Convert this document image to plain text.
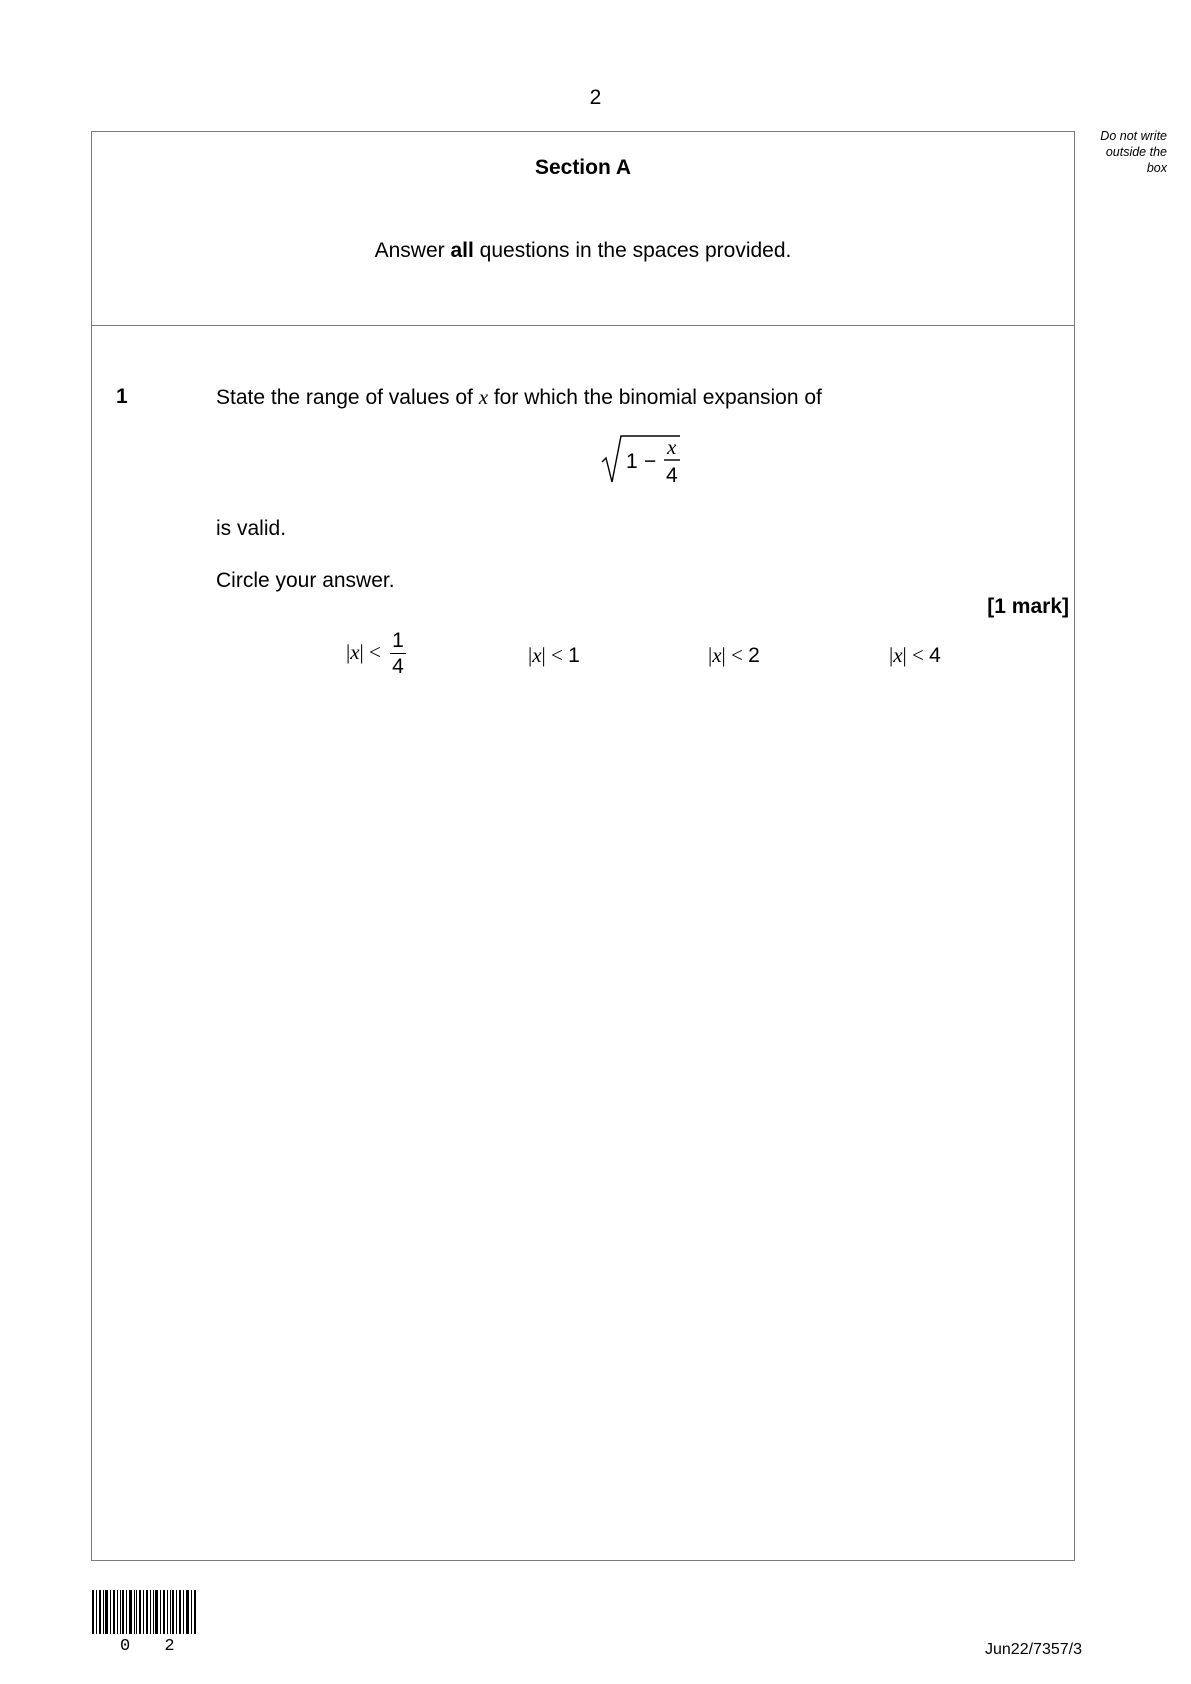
2
Do not write
outside the
box
Section A
Answer all questions in the spaces provided.
1	State the range of values of x for which the binomial expansion of
1 −
x
4
is valid.
Circle your answer.
[1 mark]
$|x| < \frac{1}{4}$	|x| < 1	|x| < 2	|x| < 4
0 2	Jun22/7357/3
